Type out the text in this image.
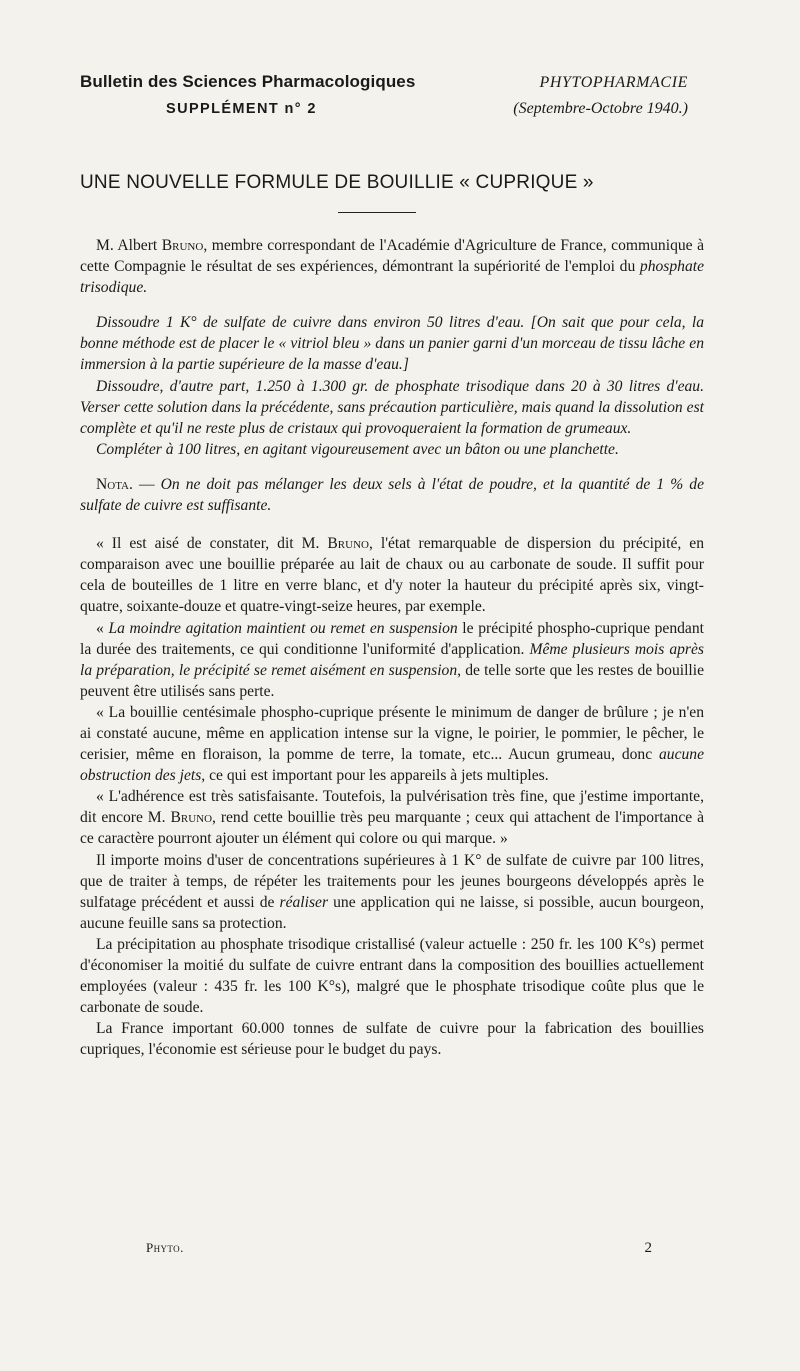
Bulletin des Sciences Pharmacologiques	PHYTOPHARMACIE
SUPPLÉMENT n° 2	(Septembre-Octobre 1940.)
UNE NOUVELLE FORMULE DE BOUILLIE « CUPRIQUE »

M. Albert Bruno, membre correspondant de l'Académie d'Agriculture de France, communique à cette Compagnie le résultat de ses expériences, démontrant la supériorité de l'emploi du phosphate trisodique.

Dissoudre 1 K° de sulfate de cuivre dans environ 50 litres d'eau. [On sait que pour cela, la bonne méthode est de placer le « vitriol bleu » dans un panier garni d'un morceau de tissu lâche en immersion à la partie supérieure de la masse d'eau.]

Dissoudre, d'autre part, 1.250 à 1.300 gr. de phosphate trisodique dans 20 à 30 litres d'eau. Verser cette solution dans la précédente, sans précaution particulière, mais quand la dissolution est complète et qu'il ne reste plus de cristaux qui provoqueraient la formation de grumeaux.

Compléter à 100 litres, en agitant vigoureusement avec un bâton ou une planchette.

Nota. — On ne doit pas mélanger les deux sels à l'état de poudre, et la quantité de 1 % de sulfate de cuivre est suffisante.

« Il est aisé de constater, dit M. Bruno, l'état remarquable de dispersion du précipité, en comparaison avec une bouillie préparée au lait de chaux ou au carbonate de soude. Il suffit pour cela de bouteilles de 1 litre en verre blanc, et d'y noter la hauteur du précipité après six, vingt-quatre, soixante-douze et quatre-vingt-seize heures, par exemple.

« La moindre agitation maintient ou remet en suspension le précipité phospho-cuprique pendant la durée des traitements, ce qui conditionne l'uniformité d'application. Même plusieurs mois après la préparation, le précipité se remet aisément en suspension, de telle sorte que les restes de bouillie peuvent être utilisés sans perte.

« La bouillie centésimale phospho-cuprique présente le minimum de danger de brûlure ; je n'en ai constaté aucune, même en application intense sur la vigne, le poirier, le pommier, le pêcher, le cerisier, même en floraison, la pomme de terre, la tomate, etc... Aucun grumeau, donc aucune obstruction des jets, ce qui est important pour les appareils à jets multiples.

« L'adhérence est très satisfaisante. Toutefois, la pulvérisation très fine, que j'estime importante, dit encore M. Bruno, rend cette bouillie très peu marquante ; ceux qui attachent de l'importance à ce caractère pourront ajouter un élément qui colore ou qui marque. »

Il importe moins d'user de concentrations supérieures à 1 K° de sulfate de cuivre par 100 litres, que de traiter à temps, de répéter les traitements pour les jeunes bourgeons développés après le sulfatage précédent et aussi de réaliser une application qui ne laisse, si possible, aucun bourgeon, aucune feuille sans sa protection.

La précipitation au phosphate trisodique cristallisé (valeur actuelle : 250 fr. les 100 K°s) permet d'économiser la moitié du sulfate de cuivre entrant dans la composition des bouillies actuellement employées (valeur : 435 fr. les 100 K°s), malgré que le phosphate trisodique coûte plus que le carbonate de soude.

La France important 60.000 tonnes de sulfate de cuivre pour la fabrication des bouillies cupriques, l'économie est sérieuse pour le budget du pays.

Phyto.	2
